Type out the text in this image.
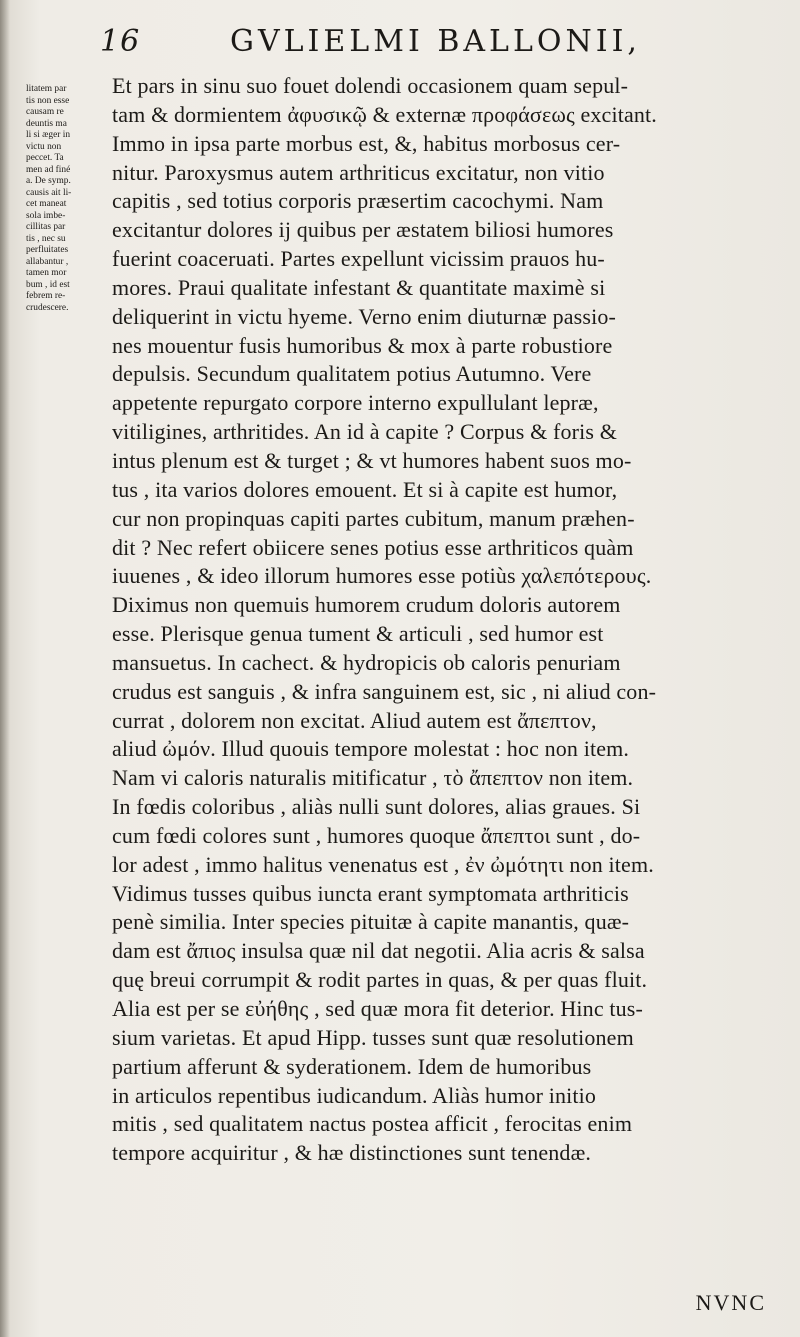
16	GVLIELMI BALLONII,
litatem par
tis non esse
causam re
deuntis ma
li si æger in
victu non
peccet. Ta
men ad finé
a. De symp.
causis ait li-
cet maneat
sola imbe-
cillitas par
tis , nec su
perfluitates
allabantur ,
tamen mor
bum , id est
febrem re-
crudescere.
Et pars in sinu suo fouet dolendi occasionem quam sepul-
tam & dormientem ἀφυσικῷ & externæ προφάσεως excitant.
Immo in ipsa parte morbus est, &, habitus morbosus cer-
nitur. Paroxysmus autem arthriticus excitatur, non vitio
capitis , sed totius corporis præsertim cacochymi. Nam
excitantur dolores ij quibus per æstatem biliosi humores
fuerint coaceruati. Partes expellunt vicissim prauos hu-
mores. Praui qualitate infestant & quantitate maximè si
deliquerint in victu hyeme. Verno enim diuturnæ passio-
nes mouentur fusis humoribus & mox à parte robustiore
depulsis. Secundum qualitatem potius Autumno. Vere
appetente repurgato corpore interno expullulant lepræ,
vitiligines, arthritides. An id à capite ? Corpus & foris &
intus plenum est & turget ; & vt humores habent suos mo-
tus , ita varios dolores emouent. Et si à capite est humor,
cur non propinquas capiti partes cubitum, manum præhen-
dit ? Nec refert obiicere senes potius esse arthriticos quàm
iuuenes , & ideo illorum humores esse potiùs χαλεπότερους.
Diximus non quemuis humorem crudum doloris autorem
esse. Plerisque genua tument & articuli , sed humor est
mansuetus. In cachect. & hydropicis ob caloris penuriam
crudus est sanguis , & infra sanguinem est, sic , ni aliud con-
currat , dolorem non excitat. Aliud autem est ἄπεπτον,
aliud ὠμόν. Illud quouis tempore molestat : hoc non item.
Nam vi caloris naturalis mitificatur , τὸ ἄπεπτον non item.
In fœdis coloribus , aliàs nulli sunt dolores, alias graues. Si
cum fœdi colores sunt , humores quoque ἄπεπτοι sunt , do-
lor adest , immo halitus venenatus est , ἐν ὠμότητι non item.
Vidimus tusses quibus iuncta erant symptomata arthriticis
penè similia. Inter species pituitæ à capite manantis, quæ-
dam est ἄπιος insulsa quæ nil dat negotii. Alia acris & salsa
quę breui corrumpit & rodit partes in quas, & per quas fluit.
Alia est per se εὐήθης , sed quæ mora fit deterior. Hinc tus-
sium varietas. Et apud Hipp. tusses sunt quæ resolutionem
partium afferunt & syderationem. Idem de humoribus
in articulos repentibus iudicandum. Aliàs humor initio
mitis , sed qualitatem nactus postea afficit , ferocitas enim
tempore acquiritur , & hæ distinctiones sunt tenendæ.
NVNC
